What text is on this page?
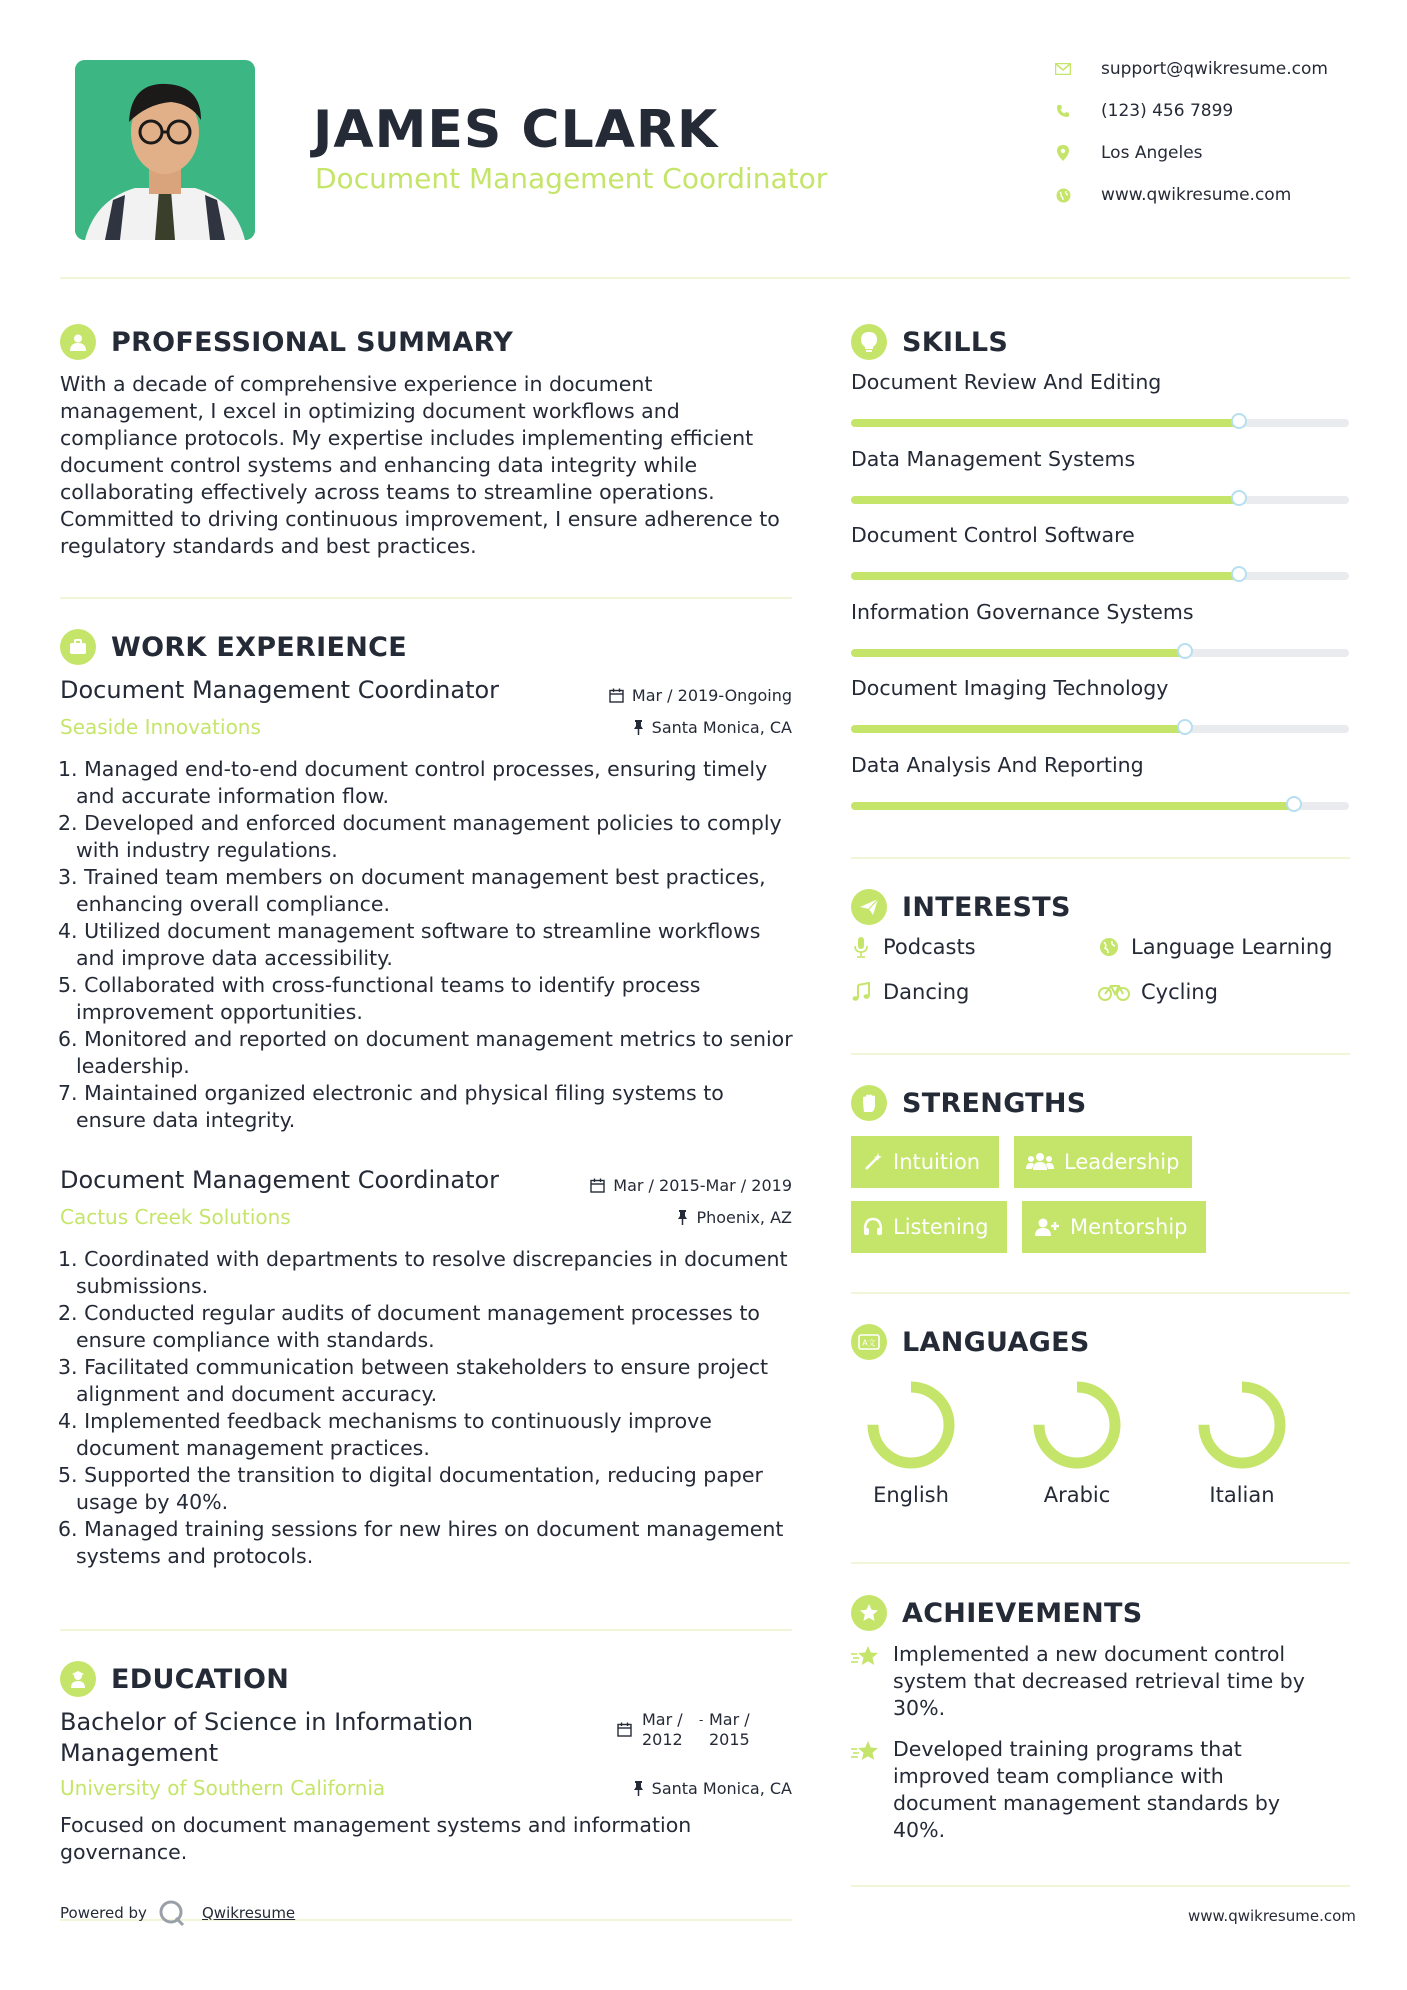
JAMES CLARK
Document Management Coordinator
support@qwikresume.com
(123) 456 7899
Los Angeles
www.qwikresume.com
PROFESSIONAL SUMMARY
With a decade of comprehensive experience in document management, I excel in optimizing document workflows and compliance protocols. My expertise includes implementing efficient document control systems and enhancing data integrity while collaborating effectively across teams to streamline operations. Committed to driving continuous improvement, I ensure adherence to regulatory standards and best practices.
WORK EXPERIENCE
Document Management Coordinator	Mar / 2019-Ongoing
Seaside Innovations	Santa Monica, CA
1. Managed end-to-end document control processes, ensuring timely and accurate information flow.
2. Developed and enforced document management policies to comply with industry regulations.
3. Trained team members on document management best practices, enhancing overall compliance.
4. Utilized document management software to streamline workflows and improve data accessibility.
5. Collaborated with cross-functional teams to identify process improvement opportunities.
6. Monitored and reported on document management metrics to senior leadership.
7. Maintained organized electronic and physical filing systems to ensure data integrity.
Document Management Coordinator	Mar / 2015-Mar / 2019
Cactus Creek Solutions	Phoenix, AZ
1. Coordinated with departments to resolve discrepancies in document submissions.
2. Conducted regular audits of document management processes to ensure compliance with standards.
3. Facilitated communication between stakeholders to ensure project alignment and document accuracy.
4. Implemented feedback mechanisms to continuously improve document management practices.
5. Supported the transition to digital documentation, reducing paper usage by 40%.
6. Managed training sessions for new hires on document management systems and protocols.
EDUCATION
Bachelor of Science in Information Management
Mar / 2012
- Mar / 2015
University of Southern California	Santa Monica, CA
Focused on document management systems and information governance.
SKILLS
Document Review And Editing
Data Management Systems
Document Control Software
Information Governance Systems
Document Imaging Technology
Data Analysis And Reporting
INTERESTS
Podcasts	Language Learning
Dancing	Cycling
STRENGTHS
Intuition	Leadership
Listening	Mentorship
A文 LANGUAGES
English	Arabic	Italian
ACHIEVEMENTS
Implemented a new document control system that decreased retrieval time by 30%.
Developed training programs that improved team compliance with document management standards by 40%.
Powered by	Qwikresume	www.qwikresume.com
